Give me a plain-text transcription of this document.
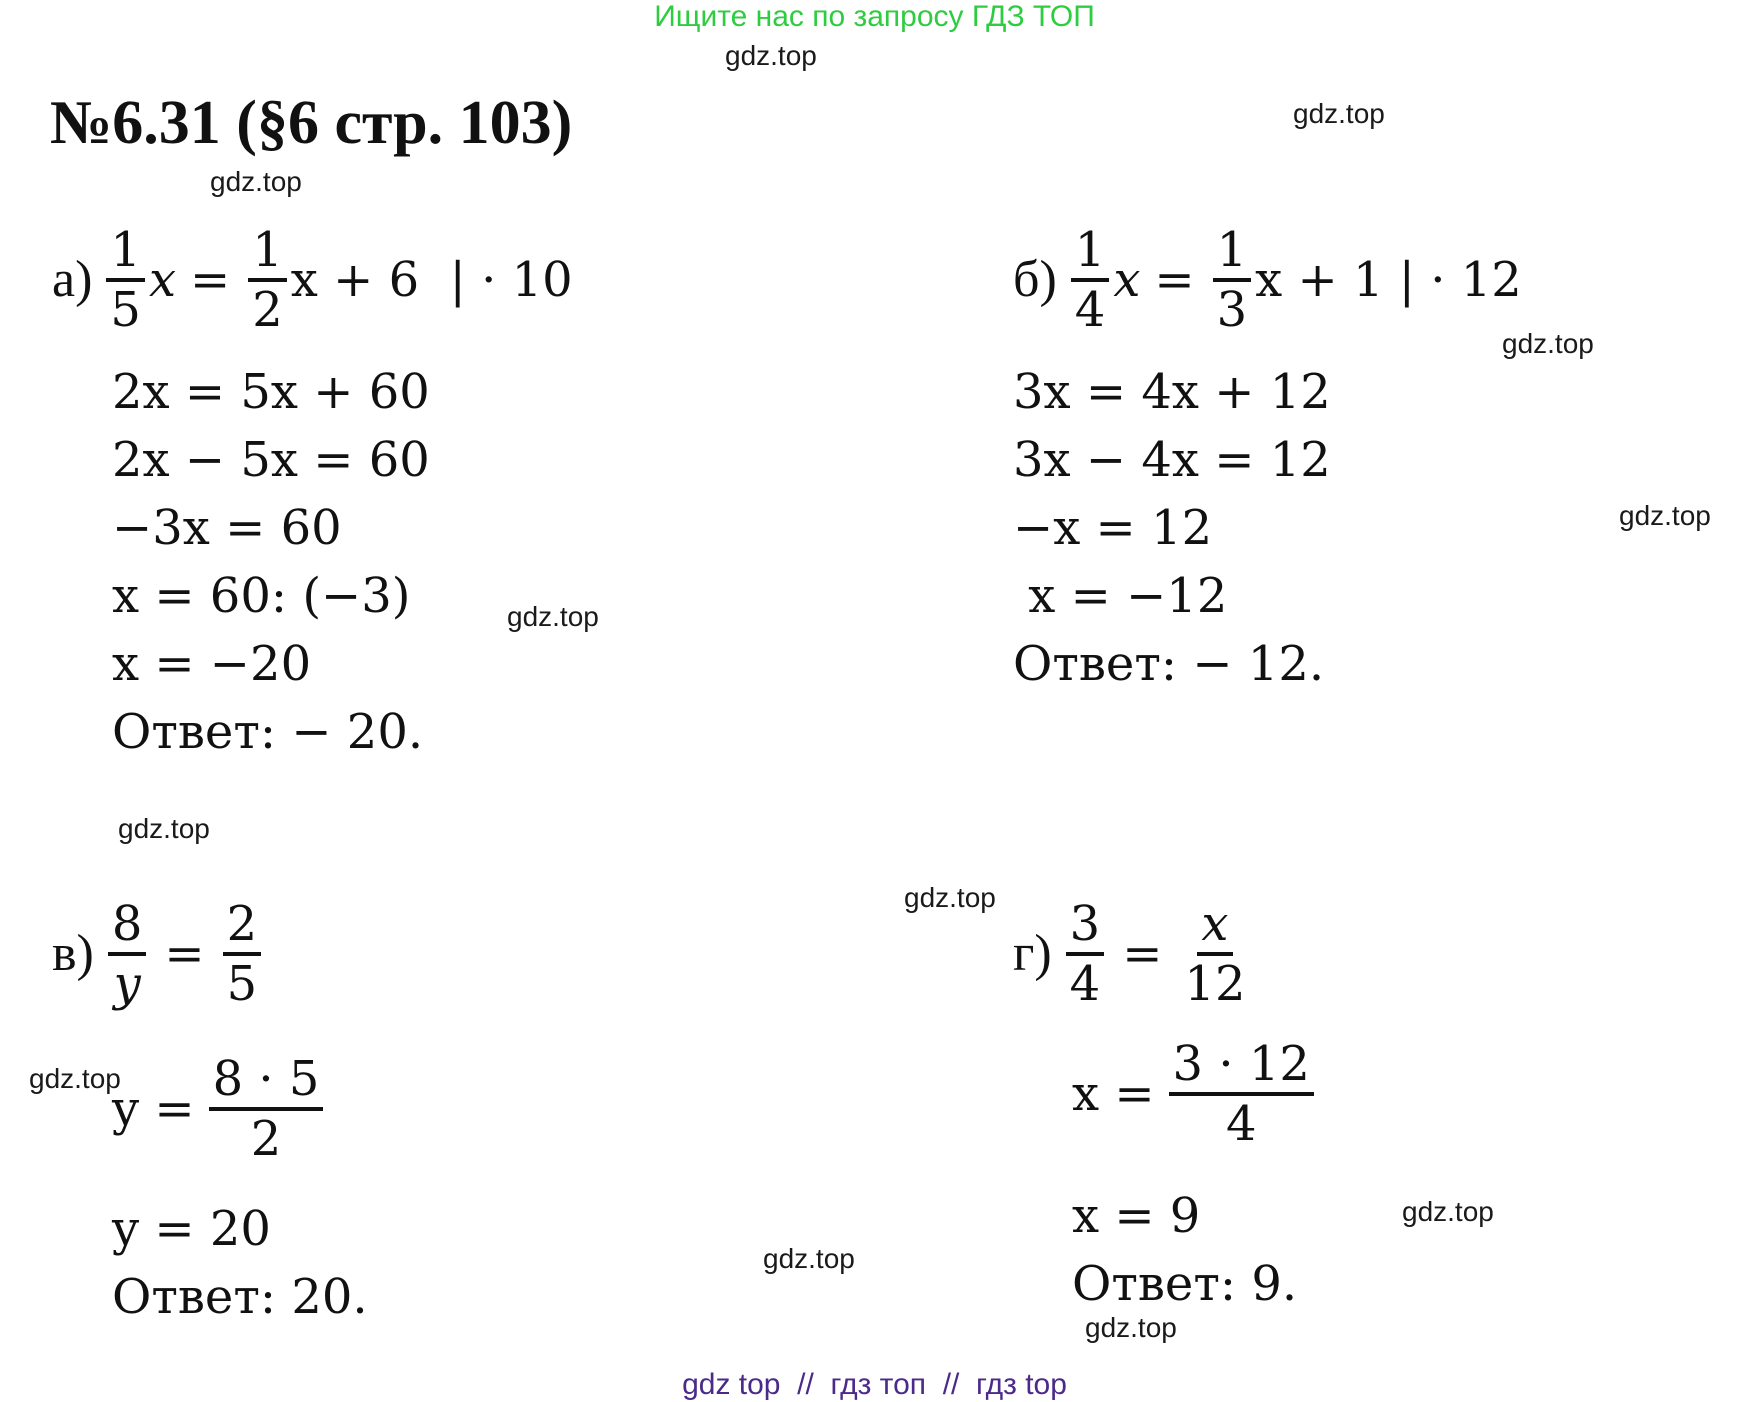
Ищите нас по запросу ГДЗ ТОП
№6.31 (§6 стр. 103)
gdz.top
gdz.top
gdz.top
gdz.top
gdz.top
gdz.top
gdz.top
gdz.top
gdz.top
gdz.top
gdz.top
gdz.top
$а) \frac{1}{5}$ $x = \frac{1}{2}$ x + 6  | · 10
2x = 5x + 60
2x − 5x = 60
−3x = 60
x = 60: (−3)
x = −20
Ответ: − 20.
$б) \frac{1}{4}$ $x = \frac{1}{3}$ x + 1 | · 12
3x = 4x + 12
3x − 4x = 12
−x = 12
x = −12
Ответ: − 12.
$в) \frac{8}{y} = \frac{2}{5}$
$y = \frac{8 \cdot 5}{2}$
y = 20
Ответ: 20.
$г) \frac{3}{4} = \frac{x}{12}$
$x = \frac{3 \cdot 12}{4}$
x = 9
Ответ: 9.
gdz top  //  гдз топ  //  гдз top
